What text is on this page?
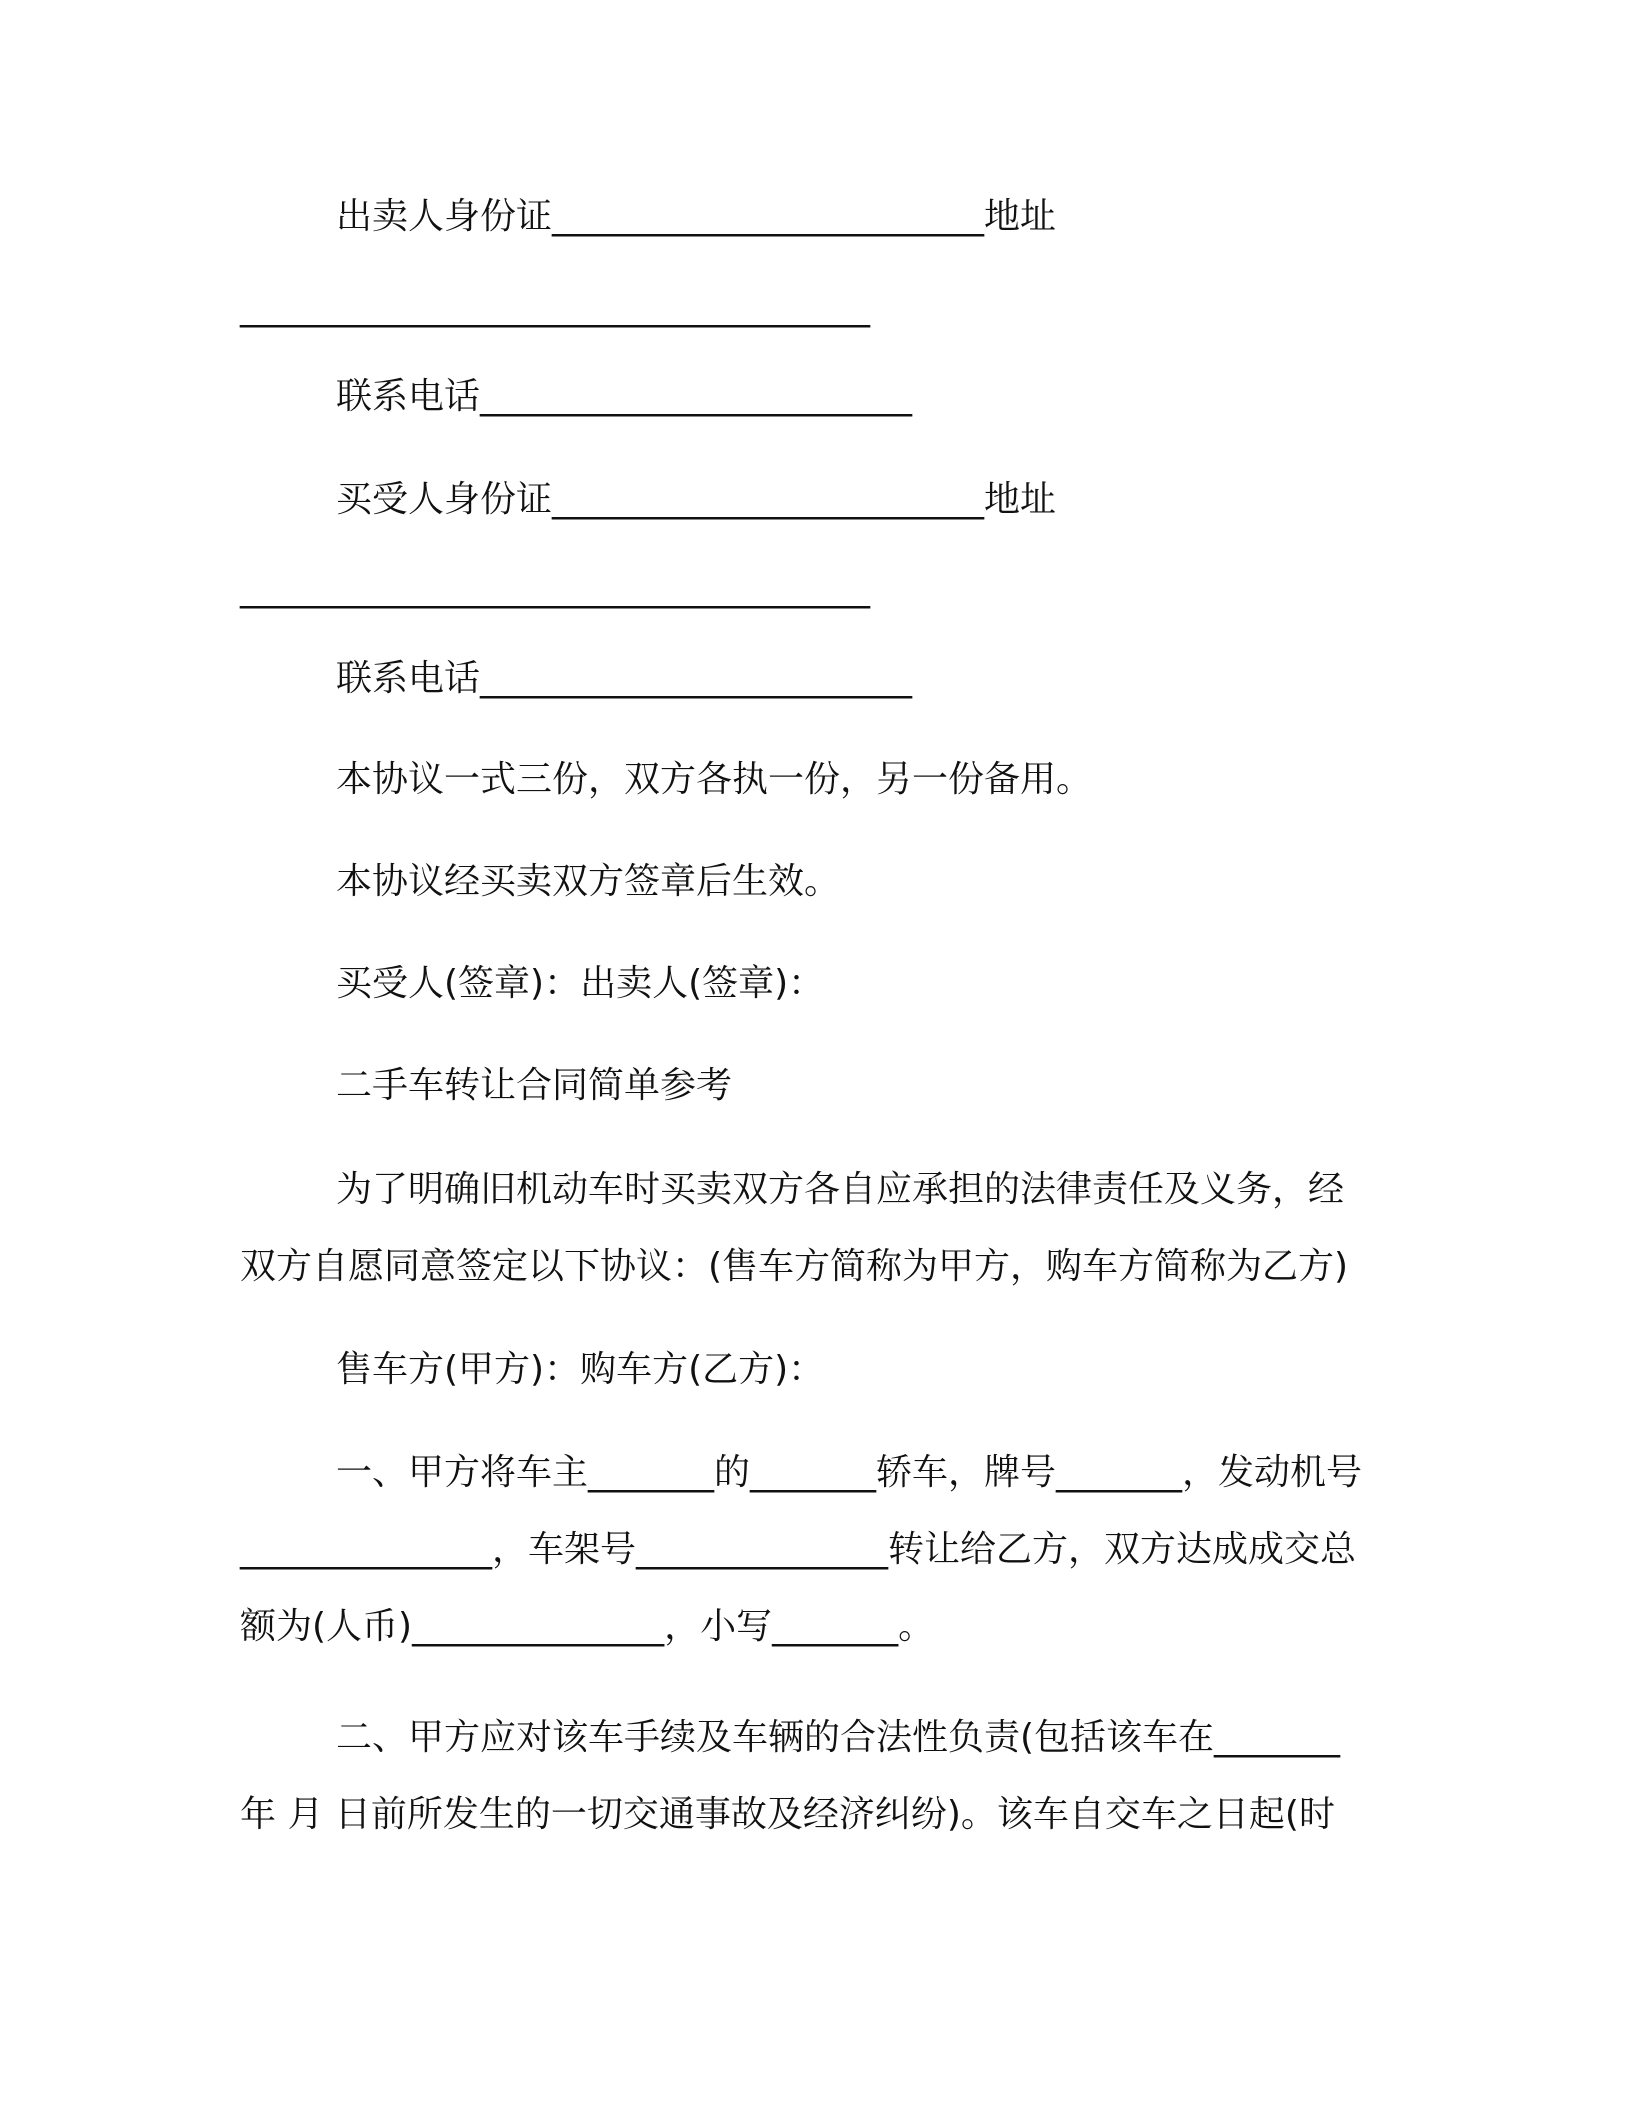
出卖人身份证________________________地址
___________________________________
联系电话________________________
买受人身份证________________________地址
___________________________________
联系电话________________________
本协议一式三份，双方各执一份，另一份备用。
本协议经买卖双方签章后生效。
买受人(签章)：出卖人(签章)：
二手车转让合同简单参考
为了明确旧机动车时买卖双方各自应承担的法律责任及义务，经
双方自愿同意签定以下协议：(售车方简称为甲方，购车方简称为乙方)
售车方(甲方)：购车方(乙方)：
一、甲方将车主_______的_______轿车，牌号_______，发动机号
______________，车架号______________转让给乙方，双方达成成交总
额为(人币)______________，小写_______。
二、甲方应对该车手续及车辆的合法性负责(包括该车在_______
年 月 日前所发生的一切交通事故及经济纠纷)。该车自交车之日起(时
